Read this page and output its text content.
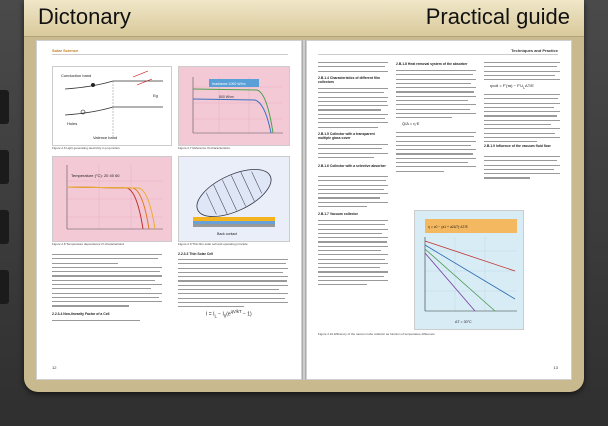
Dictonary	Practical guide
Solar Science
Conduction band
Holes
Eg
Valence band
Figure 2.6 Light generating electricity in pn-junction
Irradiance 1000 W/m²
800 W/m²
Figure 2.7 Reference IV-characteristics
Temperature (°C): 20 40 60
Figure 2.8 Temperature dependence IV-characteristics
Back contact
Figure 2.9 Thin-film solar cell and operating principle
2.2.3.4 Non-linearity Factor of a Cell
2.2.3.3 Thin Solar Cell
$I = I_L - I_0(e^{qV/kT} - 1)$
12
Techniques and Practice
2.B.1.4 Characteristics of different film collectors
2.B.1.5 Collector with a transparent multiple glass cover
2.B.1.6 Collector with a selective absorber
2.B.1.7 Vacuum collector
2.B.1.8 Heat removal system of the absorber
Q̇/A = η·E
ηcoll = $F'(\tau\alpha) - F'U_L\Delta T/E$
2.B.1.9 Influence of the vacuum fluid flow
η = c0 − (a1 + a2ΔT)·ΔT/E
ΔT = 30°C
Figure 2.10 Efficiency of the vacuum tube collector as function of temperature difference
13
